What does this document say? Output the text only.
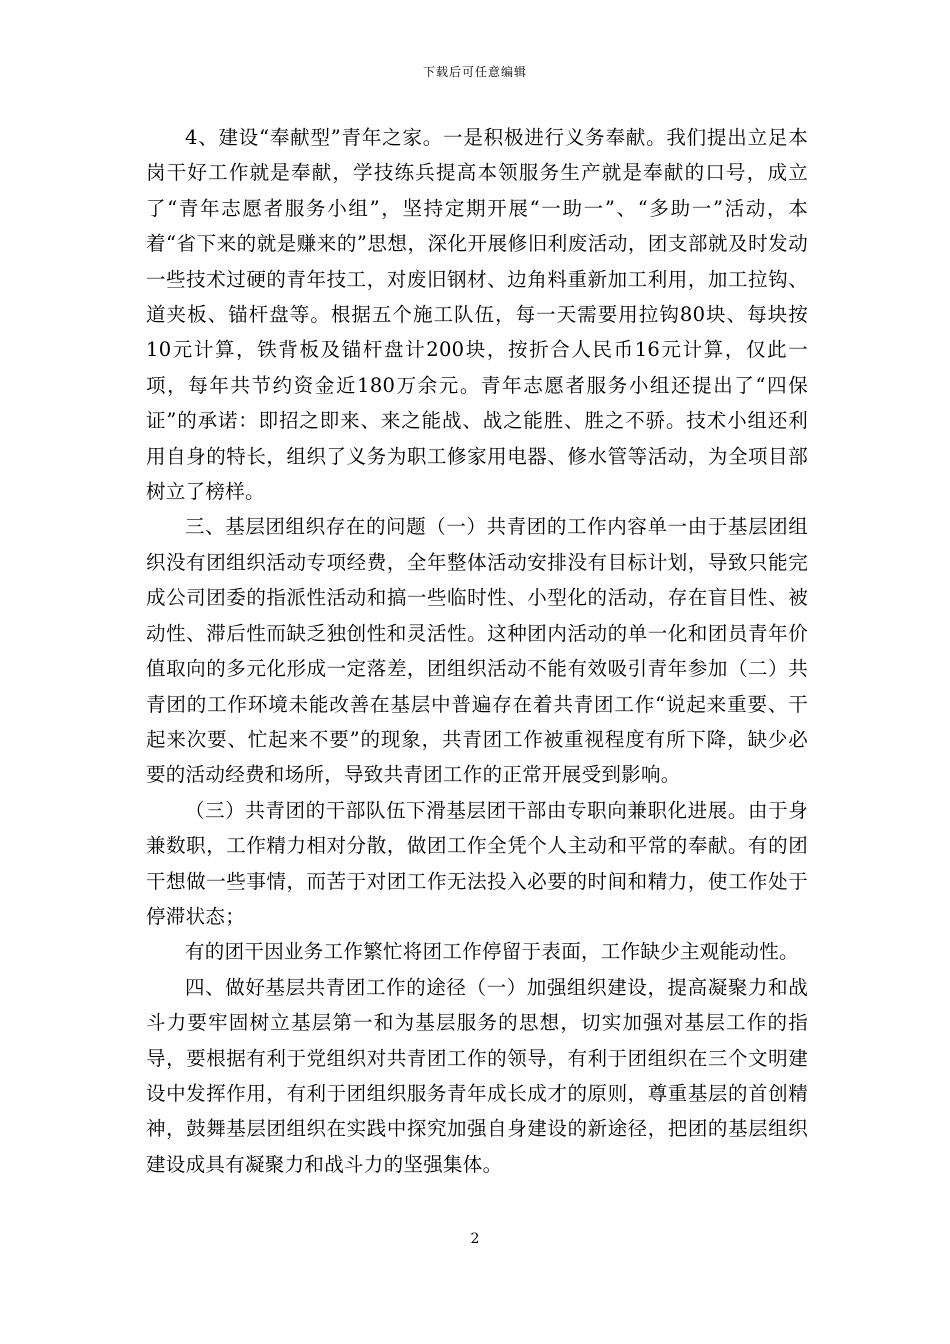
下载后可任意编辑

4、建设“奉献型”青年之家。一是积极进行义务奉献。我们提出立足本岗干好工作就是奉献，学技练兵提高本领服务生产就是奉献的口号，成立了“青年志愿者服务小组”，坚持定期开展“一助一”、“多助一”活动，本着“省下来的就是赚来的”思想，深化开展修旧利废活动，团支部就及时发动一些技术过硬的青年技工，对废旧钢材、边角料重新加工利用，加工拉钩、道夹板、锚杆盘等。根据五个施工队伍，每一天需要用拉钩80块、每块按10元计算，铁背板及锚杆盘计200块，按折合人民币16元计算，仅此一项，每年共节约资金近180万余元。青年志愿者服务小组还提出了“四保证”的承诺：即招之即来、来之能战、战之能胜、胜之不骄。技术小组还利用自身的特长，组织了义务为职工修家用电器、修水管等活动，为全项目部树立了榜样。

三、基层团组织存在的问题（一）共青团的工作内容单一由于基层团组织没有团组织活动专项经费，全年整体活动安排没有目标计划，导致只能完成公司团委的指派性活动和搞一些临时性、小型化的活动，存在盲目性、被动性、滞后性而缺乏独创性和灵活性。这种团内活动的单一化和团员青年价值取向的多元化形成一定落差，团组织活动不能有效吸引青年参加（二）共青团的工作环境未能改善在基层中普遍存在着共青团工作“说起来重要、干起来次要、忙起来不要”的现象，共青团工作被重视程度有所下降，缺少必要的活动经费和场所，导致共青团工作的正常开展受到影响。

（三）共青团的干部队伍下滑基层团干部由专职向兼职化进展。由于身兼数职，工作精力相对分散，做团工作全凭个人主动和平常的奉献。有的团干想做一些事情，而苦于对团工作无法投入必要的时间和精力，使工作处于停滞状态；

有的团干因业务工作繁忙将团工作停留于表面，工作缺少主观能动性。

四、做好基层共青团工作的途径（一）加强组织建设，提高凝聚力和战斗力要牢固树立基层第一和为基层服务的思想，切实加强对基层工作的指导，要根据有利于党组织对共青团工作的领导，有利于团组织在三个文明建设中发挥作用，有利于团组织服务青年成长成才的原则，尊重基层的首创精神，鼓舞基层团组织在实践中探究加强自身建设的新途径，把团的基层组织建设成具有凝聚力和战斗力的坚强集体。

2
